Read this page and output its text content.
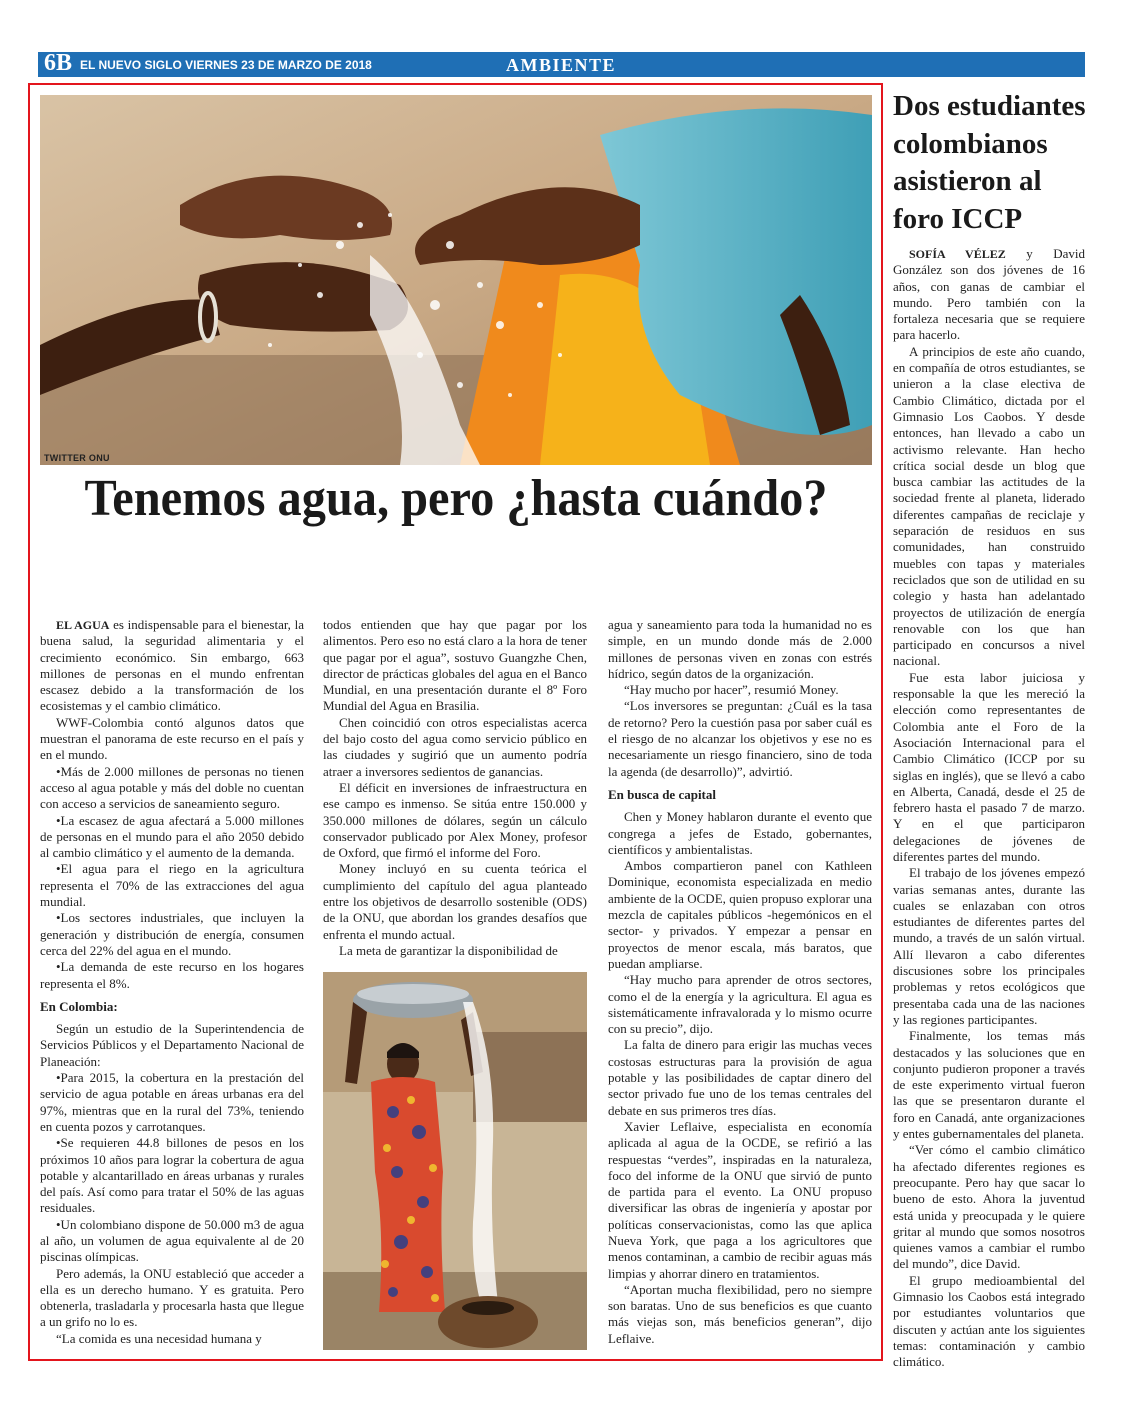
6B EL NUEVO SIGLO VIERNES 23 DE MARZO DE 2018	AMBIENTE
TWITTER ONU
Tenemos agua, pero ¿hasta cuándo?

EL AGUA es indispensable para el bienestar, la buena salud, la seguridad alimentaria y el crecimiento económico. Sin embargo, 663 millones de personas en el mundo enfrentan escasez debido a la transformación de los ecosistemas y el cambio climático.

WWF-Colombia contó algunos datos que muestran el panorama de este recurso en el país y en el mundo.

•Más de 2.000 millones de personas no tienen acceso al agua potable y más del doble no cuentan con acceso a servicios de saneamiento seguro.

•La escasez de agua afectará a 5.000 millones de personas en el mundo para el año 2050 debido al cambio climático y el aumento de la demanda.

•El agua para el riego en la agricultura representa el 70% de las extracciones del agua mundial.

•Los sectores industriales, que incluyen la generación y distribución de energía, consumen cerca del 22% del agua en el mundo.

•La demanda de este recurso en los hogares representa el 8%.

En Colombia:

Según un estudio de la Superintendencia de Servicios Públicos y el Departamento Nacional de Planeación:

•Para 2015, la cobertura en la prestación del servicio de agua potable en áreas urbanas era del 97%, mientras que en la rural del 73%, teniendo en cuenta pozos y carrotanques.

•Se requieren 44.8 billones de pesos en los próximos 10 años para lograr la cobertura de agua potable y alcantarillado en áreas urbanas y rurales del país. Así como para tratar el 50% de las aguas residuales.

•Un colombiano dispone de 50.000 m3 de agua al año, un volumen de agua equivalente al de 20 piscinas olímpicas.

Pero además, la ONU estableció que acceder a ella es un derecho humano. Y es gratuita. Pero obtenerla, trasladarla y procesarla hasta que llegue a un grifo no lo es.

“La comida es una necesidad humana y

todos entienden que hay que pagar por los alimentos. Pero eso no está claro a la hora de tener que pagar por el agua”, sostuvo Guangzhe Chen, director de prácticas globales del agua en el Banco Mundial, en una presentación durante el 8º Foro Mundial del Agua en Brasilia.

Chen coincidió con otros especialistas acerca del bajo costo del agua como servicio público en las ciudades y sugirió que un aumento podría atraer a inversores sedientos de ganancias.

El déficit en inversiones de infraestructura en ese campo es inmenso. Se sitúa entre 150.000 y 350.000 millones de dólares, según un cálculo conservador publicado por Alex Money, profesor de Oxford, que firmó el informe del Foro.

Money incluyó en su cuenta teórica el cumplimiento del capítulo del agua planteado entre los objetivos de desarrollo sostenible (ODS) de la ONU, que abordan los grandes desafíos que enfrenta el mundo actual.

La meta de garantizar la disponibilidad de

agua y saneamiento para toda la humanidad no es simple, en un mundo donde más de 2.000 millones de personas viven en zonas con estrés hídrico, según datos de la organización.

“Hay mucho por hacer”, resumió Money.

“Los inversores se preguntan: ¿Cuál es la tasa de retorno? Pero la cuestión pasa por saber cuál es el riesgo de no alcanzar los objetivos y ese no es necesariamente un riesgo financiero, sino de toda la agenda (de desarrollo)”, advirtió.

En busca de capital

Chen y Money hablaron durante el evento que congrega a jefes de Estado, gobernantes, científicos y ambientalistas.

Ambos compartieron panel con Kathleen Dominique, economista especializada en medio ambiente de la OCDE, quien propuso explorar una mezcla de capitales públicos -hegemónicos en el sector- y privados. Y empezar a pensar en proyectos de menor escala, más baratos, que puedan ampliarse.

“Hay mucho para aprender de otros sectores, como el de la energía y la agricultura. El agua es sistemáticamente infravalorada y lo mismo ocurre con su precio”, dijo.

La falta de dinero para erigir las muchas veces costosas estructuras para la provisión de agua potable y las posibilidades de captar dinero del sector privado fue uno de los temas centrales del debate en sus primeros tres días.

Xavier Leflaive, especialista en economía aplicada al agua de la OCDE, se refirió a las respuestas “verdes”, inspiradas en la naturaleza, foco del informe de la ONU que sirvió de punto de partida para el evento. La ONU propuso diversificar las obras de ingeniería y apostar por políticas conservacionistas, como las que aplica Nueva York, que paga a los agricultores que menos contaminan, a cambio de recibir aguas más limpias y ahorrar dinero en tratamientos.

“Aportan mucha flexibilidad, pero no siempre son baratas. Uno de sus beneficios es que cuanto más viejas son, más beneficios generan”, dijo Leflaive.

Dos estudiantes colombianos asistieron al foro ICCP

SOFÍA VÉLEZ y David González son dos jóvenes de 16 años, con ganas de cambiar el mundo. Pero también con la fortaleza necesaria que se requiere para hacerlo.

A principios de este año cuando, en compañía de otros estudiantes, se unieron a la clase electiva de Cambio Climático, dictada por el Gimnasio Los Caobos. Y desde entonces, han llevado a cabo un activismo relevante. Han hecho crítica social desde un blog que busca cambiar las actitudes de la sociedad frente al planeta, liderado diferentes campañas de reciclaje y separación de residuos en sus comunidades, han construido muebles con tapas y materiales reciclados que son de utilidad en su colegio y hasta han adelantado proyectos de utilización de energía renovable con los que han participado en concursos a nivel nacional.

Fue esta labor juiciosa y responsable la que les mereció la elección como representantes de Colombia ante el Foro de la Asociación Internacional para el Cambio Climático (ICCP por su siglas en inglés), que se llevó a cabo en Alberta, Canadá, desde el 25 de febrero hasta el pasado 7 de marzo. Y en el que participaron delegaciones de jóvenes de diferentes partes del mundo.

El trabajo de los jóvenes empezó varias semanas antes, durante las cuales se enlazaban con otros estudiantes de diferentes partes del mundo, a través de un salón virtual. Allí llevaron a cabo diferentes discusiones sobre los principales problemas y retos ecológicos que presentaba cada una de las naciones y las regiones participantes.

Finalmente, los temas más destacados y las soluciones que en conjunto pudieron proponer a través de este experimento virtual fueron las que se presentaron durante el foro en Canadá, ante organizaciones y entes gubernamentales del planeta.

“Ver cómo el cambio climático ha afectado diferentes regiones es preocupante. Pero hay que sacar lo bueno de esto. Ahora la juventud está unida y preocupada y le quiere gritar al mundo que somos nosotros quienes vamos a cambiar el rumbo del mundo”, dice David.

El grupo medioambiental del Gimnasio los Caobos está integrado por estudiantes voluntarios que discuten y actúan ante los siguientes temas: contaminación y cambio climático.
